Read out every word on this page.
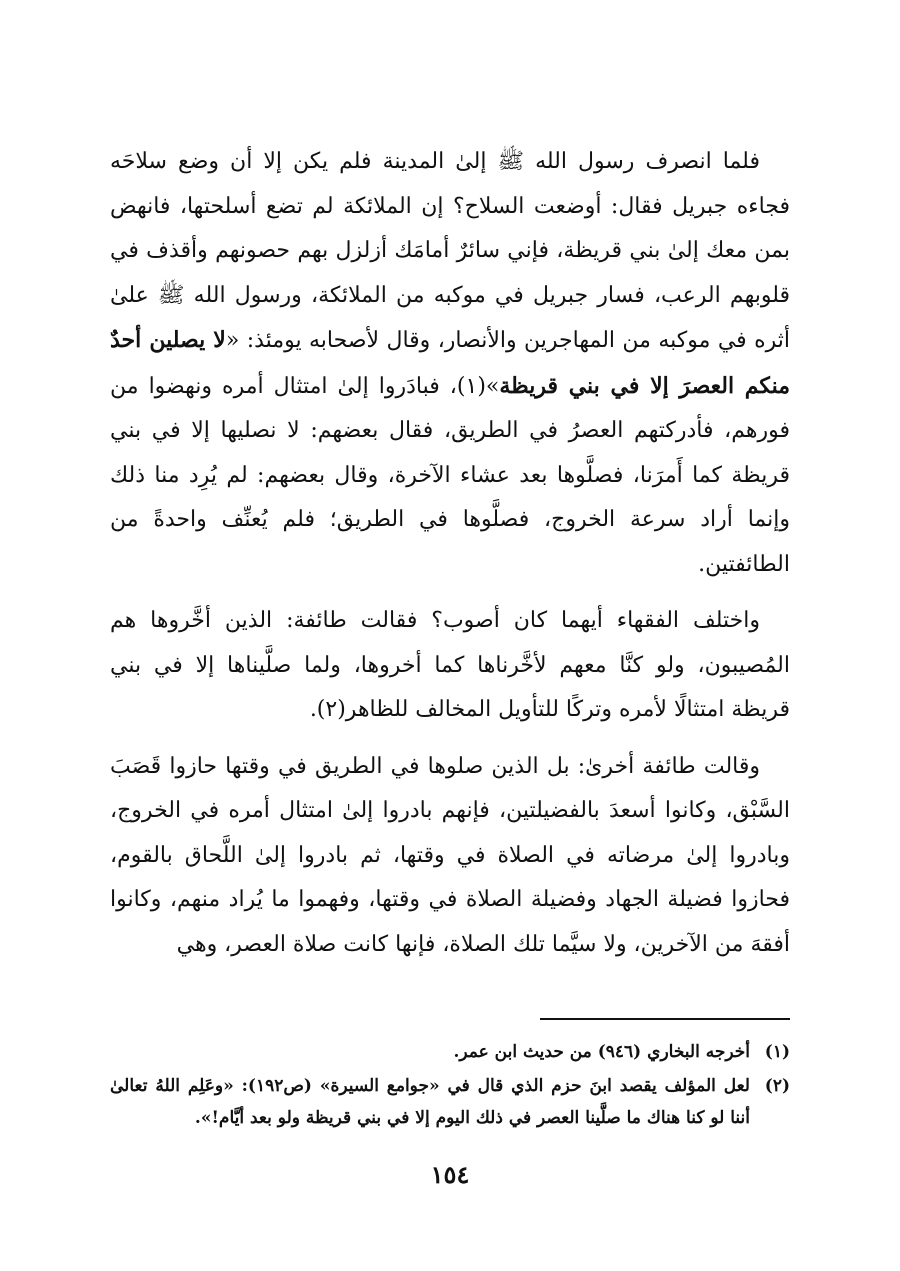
فلما انصرف رسول الله ﷺ إلىٰ المدينة فلم يكن إلا أن وضع سلاحَه فجاءه جبريل فقال: أوضعت السلاح؟ إن الملائكة لم تضع أسلحتها، فانهض بمن معك إلىٰ بني قريظة، فإني سائرٌ أمامَك أزلزل بهم حصونهم وأقذف في قلوبهم الرعب، فسار جبريل في موكبه من الملائكة، ورسول الله ﷺ علىٰ أثره في موكبه من المهاجرين والأنصار، وقال لأصحابه يومئذ: «لا يصلين أحدٌ منكم العصرَ إلا في بني قريظة»(١)، فبادَروا إلىٰ امتثال أمره ونهضوا من فورهم، فأدركتهم العصرُ في الطريق، فقال بعضهم: لا نصليها إلا في بني قريظة كما أَمرَنا، فصلَّوها بعد عشاء الآخرة، وقال بعضهم: لم يُرِد منا ذلك وإنما أراد سرعة الخروج، فصلَّوها في الطريق؛ فلم يُعنِّف واحدةً من الطائفتين.

واختلف الفقهاء أيهما كان أصوب؟ فقالت طائفة: الذين أخَّروها هم المُصيبون، ولو كنَّا معهم لأخَّرناها كما أخروها، ولما صلَّيناها إلا في بني قريظة امتثالًا لأمره وتركًا للتأويل المخالف للظاهر(٢).

وقالت طائفة أخرىٰ: بل الذين صلوها في الطريق في وقتها حازوا قَصَبَ السَّبْق، وكانوا أسعدَ بالفضيلتين، فإنهم بادروا إلىٰ امتثال أمره في الخروج، وبادروا إلىٰ مرضاته في الصلاة في وقتها، ثم بادروا إلىٰ اللَّحاق بالقوم، فحازوا فضيلة الجهاد وفضيلة الصلاة في وقتها، وفهموا ما يُراد منهم، وكانوا أفقهَ من الآخرين، ولا سيَّما تلك الصلاة، فإنها كانت صلاة العصر، وهي

(١)
أخرجه البخاري (٩٤٦) من حديث ابن عمر.
(٢)
لعل المؤلف يقصد ابنَ حزم الذي قال في «جوامع السيرة» (ص١٩٢): «وعَلِم اللهُ تعالىٰ أننا لو كنا هناك ما صلَّينا العصر في ذلك اليوم إلا في بني قريظة ولو بعد أيَّام!».
١٥٤
